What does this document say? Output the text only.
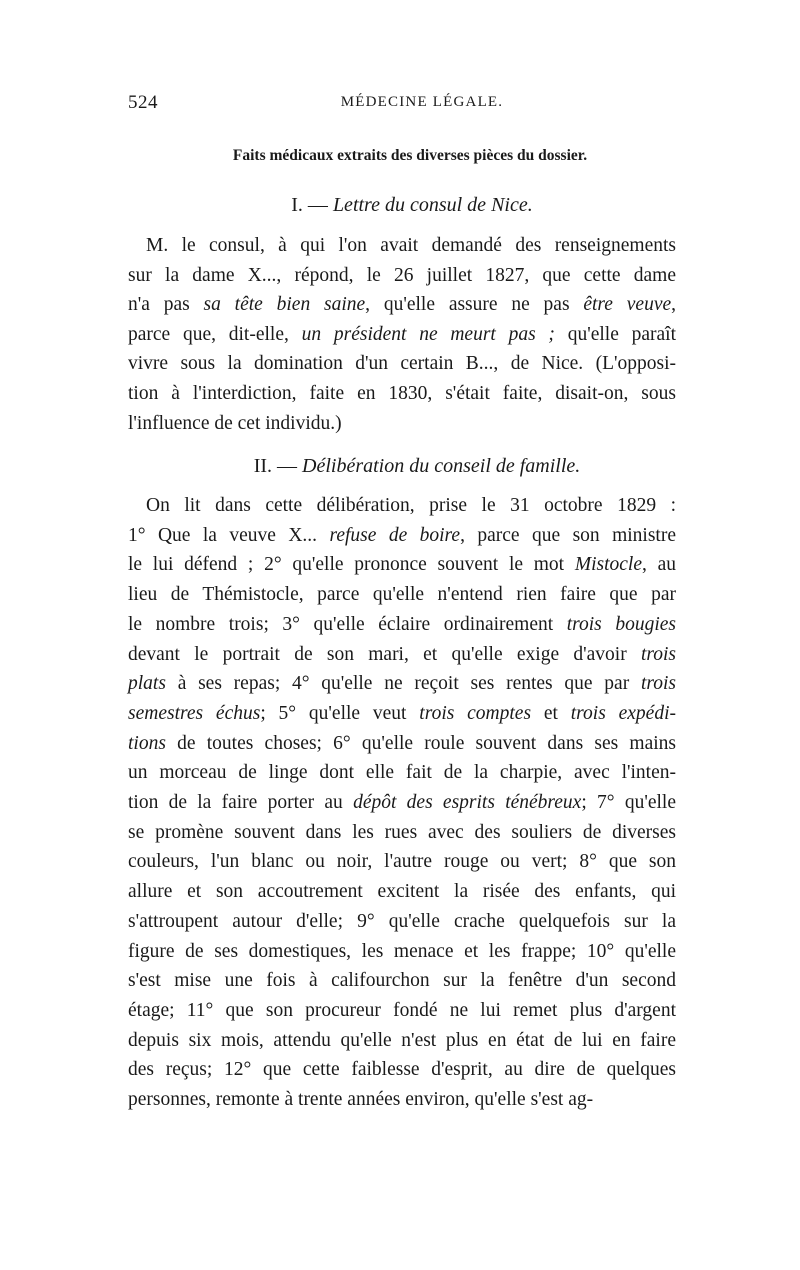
524	MÉDECINE LÉGALE.
Faits médicaux extraits des diverses pièces du dossier.
I. — Lettre du consul de Nice.
M. le consul, à qui l'on avait demandé des renseignements
sur la dame X..., répond, le 26 juillet 1827, que cette dame
n'a pas sa tête bien saine, qu'elle assure ne pas être veuve,
parce que, dit-elle, un président ne meurt pas ; qu'elle paraît
vivre sous la domination d'un certain B..., de Nice. (L'opposi-
tion à l'interdiction, faite en 1830, s'était faite, disait-on, sous
l'influence de cet individu.)
II. — Délibération du conseil de famille.
On lit dans cette délibération, prise le 31 octobre 1829 :
1° Que la veuve X... refuse de boire, parce que son ministre
le lui défend ; 2° qu'elle prononce souvent le mot Mistocle, au
lieu de Thémistocle, parce qu'elle n'entend rien faire que par
le nombre trois; 3° qu'elle éclaire ordinairement trois bougies
devant le portrait de son mari, et qu'elle exige d'avoir trois
plats à ses repas; 4° qu'elle ne reçoit ses rentes que par trois
semestres échus; 5° qu'elle veut trois comptes et trois expédi-
tions de toutes choses; 6° qu'elle roule souvent dans ses mains
un morceau de linge dont elle fait de la charpie, avec l'inten-
tion de la faire porter au dépôt des esprits ténébreux; 7° qu'elle
se promène souvent dans les rues avec des souliers de diverses
couleurs, l'un blanc ou noir, l'autre rouge ou vert; 8° que son
allure et son accoutrement excitent la risée des enfants, qui
s'attroupent autour d'elle; 9° qu'elle crache quelquefois sur la
figure de ses domestiques, les menace et les frappe; 10° qu'elle
s'est mise une fois à califourchon sur la fenêtre d'un second
étage; 11° que son procureur fondé ne lui remet plus d'argent
depuis six mois, attendu qu'elle n'est plus en état de lui en faire
des reçus; 12° que cette faiblesse d'esprit, au dire de quelques
personnes, remonte à trente années environ, qu'elle s'est ag-
